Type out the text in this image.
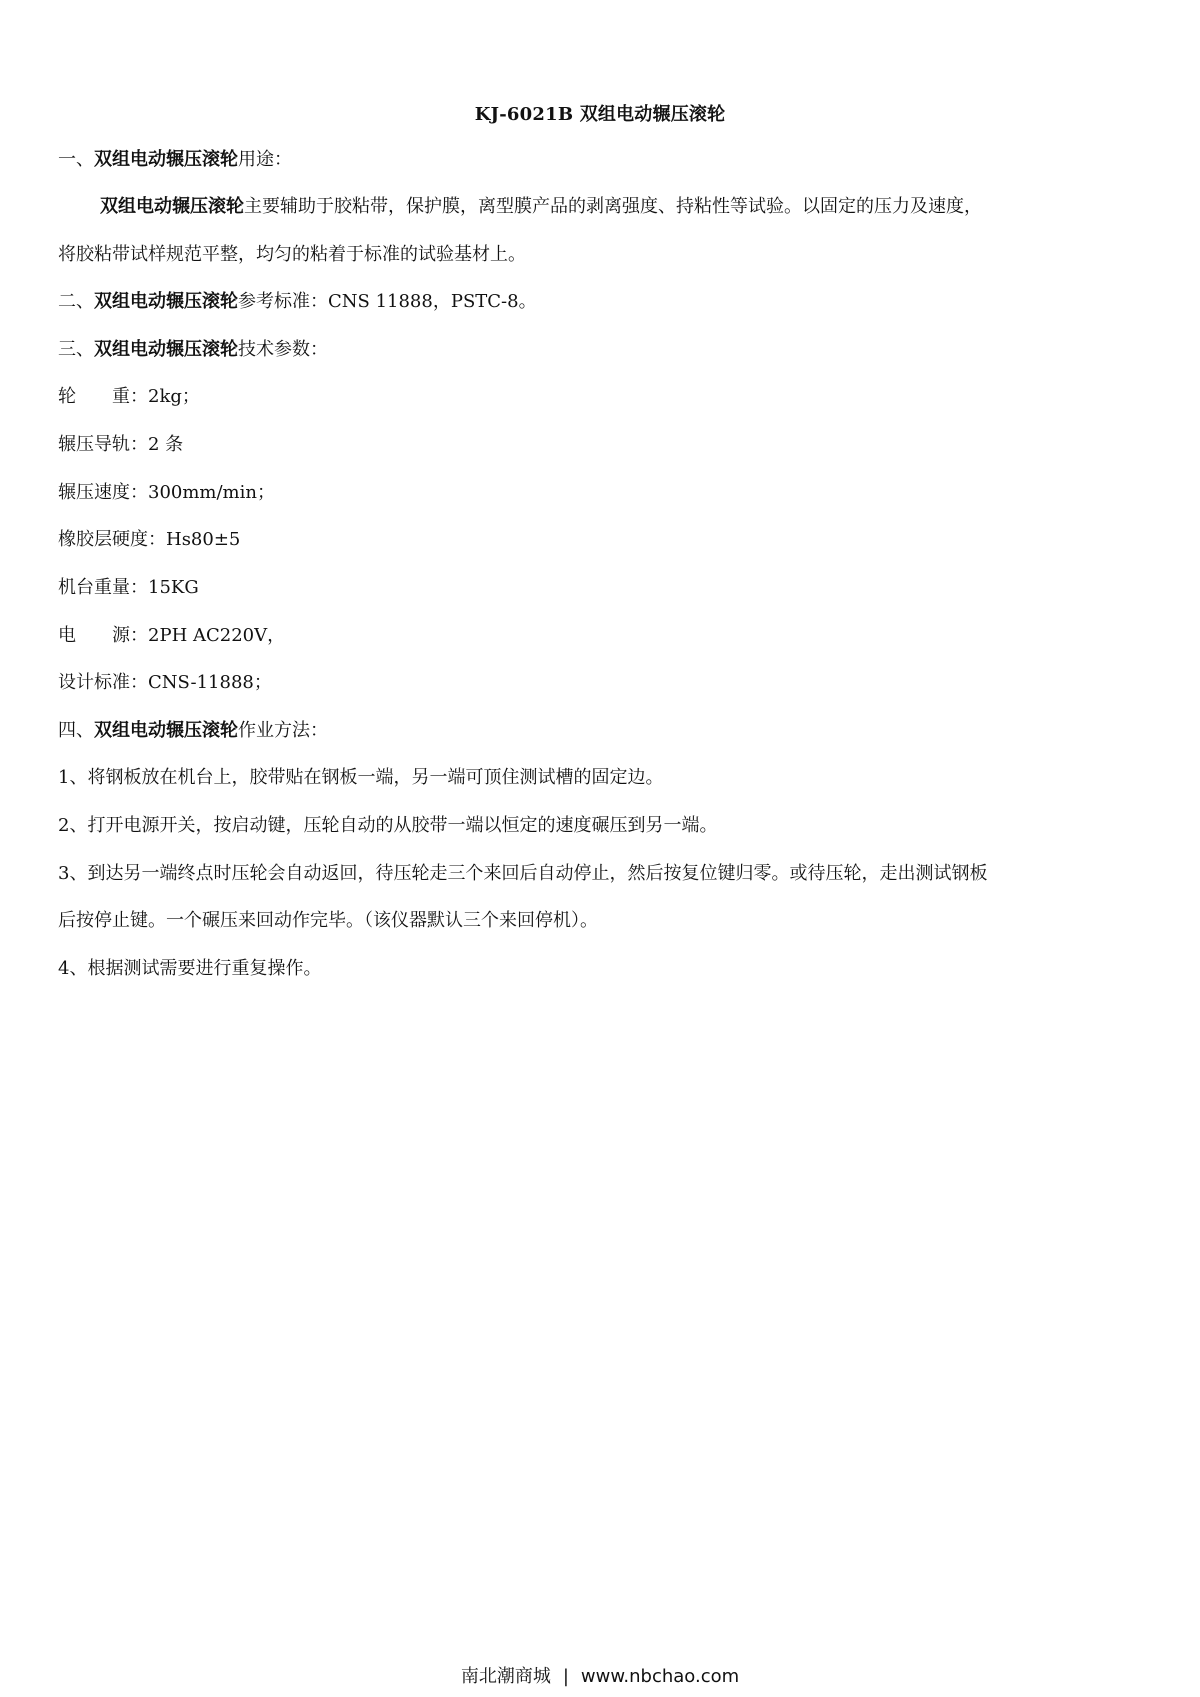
KJ-6021B 双组电动辗压滚轮
一、双组电动辗压滚轮用途：
双组电动辗压滚轮主要辅助于胶粘带，保护膜，离型膜产品的剥离强度、持粘性等试验。以固定的压力及速度，
将胶粘带试样规范平整，均匀的粘着于标准的试验基材上。
二、双组电动辗压滚轮参考标准：CNS 11888，PSTC-8。
三、双组电动辗压滚轮技术参数：
轮　　重：2kg；
辗压导轨：2 条
辗压速度：300mm/min；
橡胶层硬度：Hs80±5
机台重量：15KG
电　　源：2PH AC220V，
设计标准：CNS-11888；
四、双组电动辗压滚轮作业方法：
1、将钢板放在机台上，胶带贴在钢板一端，另一端可顶住测试槽的固定边。
2、打开电源开关，按启动键，压轮自动的从胶带一端以恒定的速度碾压到另一端。
3、到达另一端终点时压轮会自动返回，待压轮走三个来回后自动停止，然后按复位键归零。或待压轮，走出测试钢板
后按停止键。一个碾压来回动作完毕。（该仪器默认三个来回停机）。
4、根据测试需要进行重复操作。
南北潮商城 | www.nbchao.com
